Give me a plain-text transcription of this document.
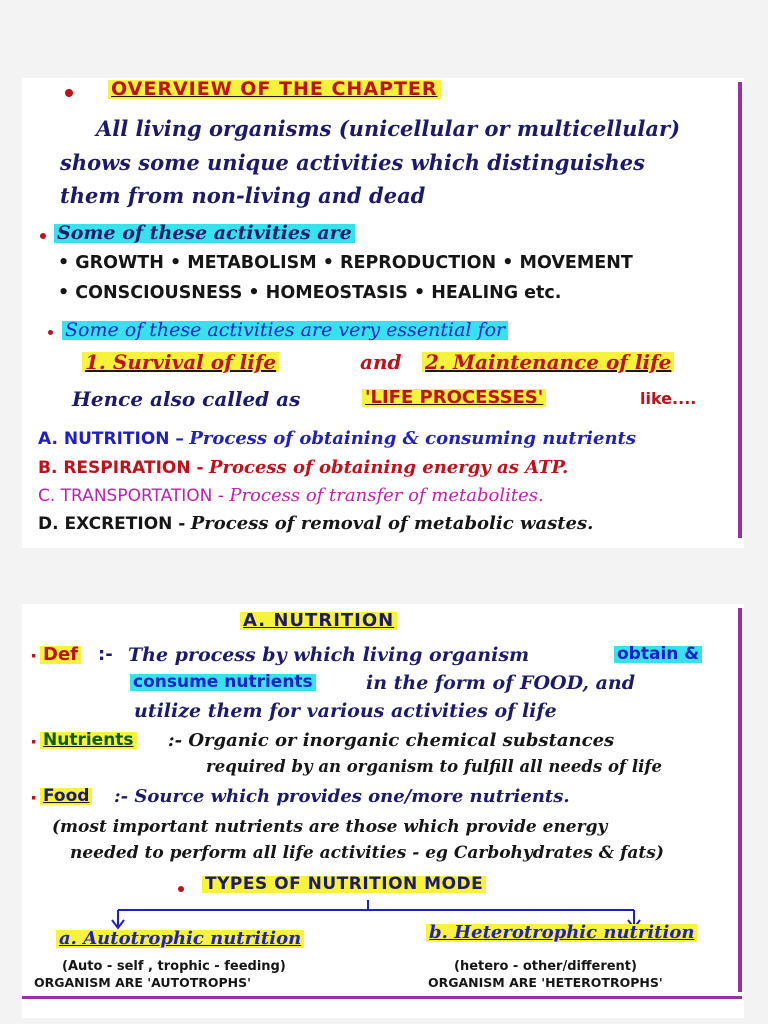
OVERVIEW OF THE CHAPTER
All living organisms (unicellular or multicellular)
shows some unique activities which distinguishes
them from non-living and dead
Some of these activities are
• GROWTH • METABOLISM • REPRODUCTION • MOVEMENT
• CONSCIOUSNESS • HOMEOSTASIS • HEALING etc.
Some of these activities are very essential for
1. Survival of life	and 2. Maintenance of life
Hence also called as	'LIFE PROCESSES'	like....
A. NUTRITION – Process of obtaining & consuming nutrients
B. RESPIRATION - Process of obtaining energy as ATP.
C. TRANSPORTATION - Process of transfer of metabolites.
D. EXCRETION - Process of removal of metabolic wastes.
A. NUTRITION
· Def :- The process by which living organism	obtain &
consume nutrients	in the form of FOOD, and
utilize them for various activities of life
· Nutrients :- Organic or inorganic chemical substances
required by an organism to fulfill all needs of life
· Food :- Source which provides one/more nutrients.
(most important nutrients are those which provide energy
needed to perform all life activities - eg Carbohydrates & fats)
TYPES OF NUTRITION MODE
a. Autotrophic nutrition
(Auto - self , trophic - feeding)
ORGANISM ARE 'AUTOTROPHS'
b. Heterotrophic nutrition
(hetero - other/different)
ORGANISM ARE 'HETEROTROPHS'
